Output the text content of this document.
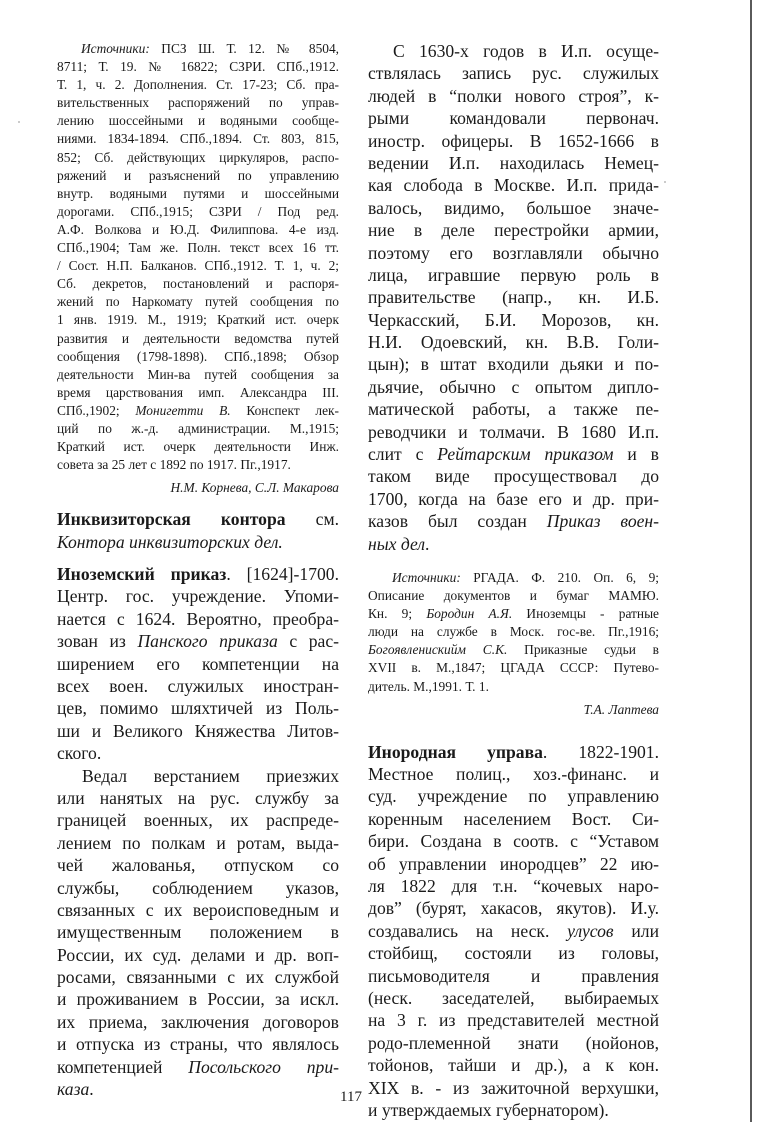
Источники: ПСЗ Ш. Т. 12. № 8504,
8711; Т. 19. № 16822; СЗРИ. СПб.,1912.
Т. 1, ч. 2. Дополнения. Ст. 17-23; Сб. пра-
вительственных распоряжений по управ-
лению шоссейными и водяными сообще-
ниями. 1834-1894. СПб.,1894. Ст. 803, 815,
852; Сб. действующих циркуляров, распо-
ряжений и разъяснений по управлению
внутр. водяными путями и шоссейными
дорогами. СПб.,1915; СЗРИ / Под ред.
А.Ф. Волкова и Ю.Д. Филиппова. 4-е изд.
СПб.,1904; Там же. Полн. текст всех 16 тт.
/ Сост. Н.П. Балканов. СПб.,1912. Т. 1, ч. 2;
Сб. декретов, постановлений и распоря-
жений по Наркомату путей сообщения по
1 янв. 1919. М., 1919; Краткий ист. очерк
развития и деятельности ведомства путей
сообщения (1798-1898). СПб.,1898; Обзор
деятельности Мин-ва путей сообщения за
время царствования имп. Александра III.
СПб.,1902; Монигетти В. Конспект лек-
ций по ж.-д. администрации. М.,1915;
Краткий ист. очерк деятельности Инж.
совета за 25 лет с 1892 по 1917. Пг.,1917.
Н.М. Корнева, С.Л. Макарова
Инквизиторская контора см.
Контора инквизиторских дел.
Иноземский приказ. [1624]-1700.
Центр. гос. учреждение. Упоми-
нается с 1624. Вероятно, преобра-
зован из Панского приказа с рас-
ширением его компетенции на
всех воен. служилых иностран-
цев, помимо шляхтичей из Поль-
ши и Великого Княжества Литов-
ского.
Ведал верстанием приезжих
или нанятых на рус. службу за
границей военных, их распреде-
лением по полкам и ротам, выда-
чей жалованья, отпуском со
службы, соблюдением указов,
связанных с их вероисповедным и
имущественным положением в
России, их суд. делами и др. воп-
росами, связанными с их службой
и проживанием в России, за искл.
их приема, заключения договоров
и отпуска из страны, что являлось
компетенцией Посольского при-
каза.
С 1630-х годов в И.п. осуще-
ствлялась запись рус. служилых
людей в “полки нового строя”, к-
рыми командовали первонач.
иностр. офицеры. В 1652-1666 в
ведении И.п. находилась Немец-
кая слобода в Москве. И.п. прида-
валось, видимо, большое значе-
ние в деле перестройки армии,
поэтому его возглавляли обычно
лица, игравшие первую роль в
правительстве (напр., кн. И.Б.
Черкасский, Б.И. Морозов, кн.
Н.И. Одоевский, кн. В.В. Голи-
цын); в штат входили дьяки и по-
дьячие, обычно с опытом дипло-
матической работы, а также пе-
реводчики и толмачи. В 1680 И.п.
слит с Рейтарским приказом и в
таком виде просуществовал до
1700, когда на базе его и др. при-
казов был создан Приказ воен-
ных дел.
Источники: РГАДА. Ф. 210. Оп. 6, 9;
Описание документов и бумаг МАМЮ.
Кн. 9; Бородин А.Я. Иноземцы - ратные
люди на службе в Моск. гос-ве. Пг.,1916;
Богоявленискийм С.К. Приказные судьи в
XVII в. М.,1847; ЦГАДА СССР: Путево-
дитель. М.,1991. Т. 1.
Т.А. Лаптева
Инородная управа. 1822-1901.
Местное полиц., хоз.-финанс. и
суд. учреждение по управлению
коренным населением Вост. Си-
бири. Создана в соотв. с “Уставом
об управлении инородцев” 22 ию-
ля 1822 для т.н. “кочевых наро-
дов” (бурят, хакасов, якутов). И.у.
создавались на неск. улусов или
стойбищ, состояли из головы,
письмоводителя и правления
(неск. заседателей, выбираемых
на 3 г. из представителей местной
родо-племенной знати (нойонов,
тойонов, тайши и др.), а к кон.
XIX в. - из зажиточной верхушки,
и утверждаемых губернатором).
117
